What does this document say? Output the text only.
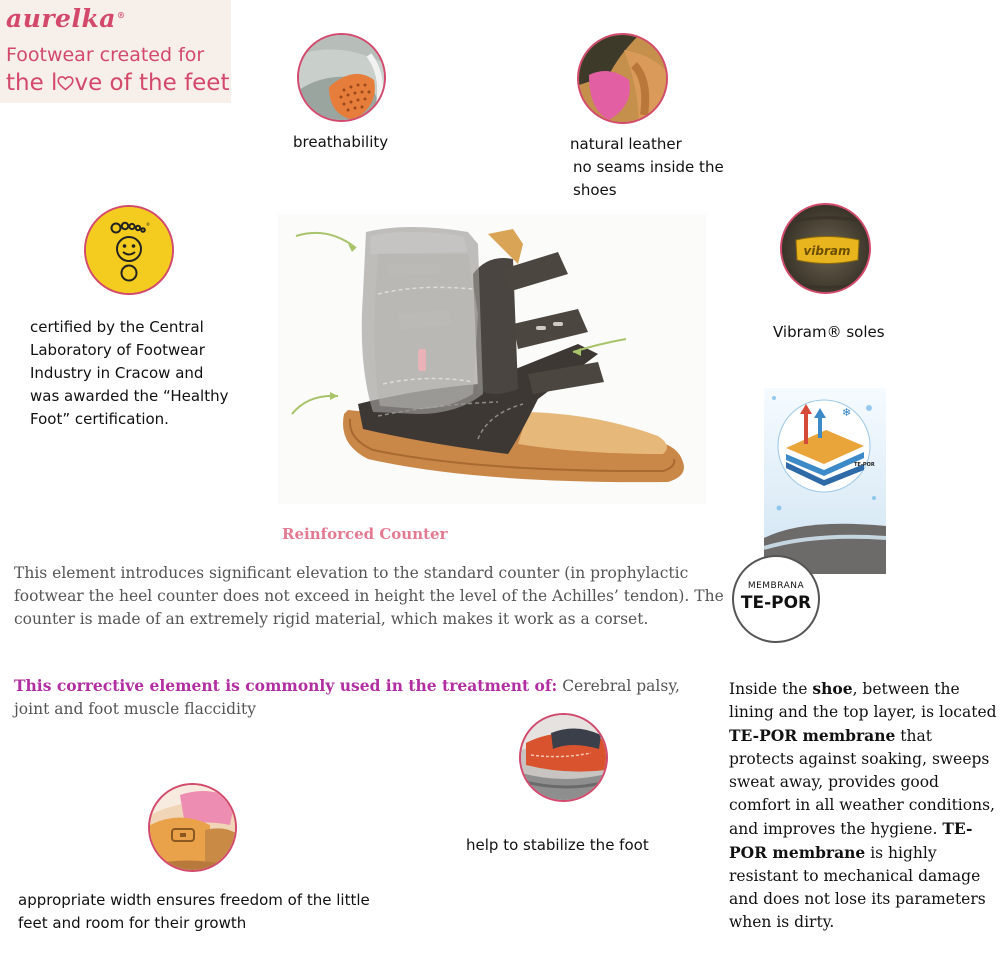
aurelka®
Footwear created for
the l ve of the feet
breathability	natural leather
no seams inside the
shoes
®
certified by the Central
Laboratory of Footwear
Industry in Cracow and
was awarded the “Healthy
Foot” certification.
vibram
Vibram® soles
Reinforced Counter
This element introduces significant elevation to the standard counter (in prophylactic footwear the heel counter does not exceed in height the level of the Achilles’ tendon). The counter is made of an extremely rigid material, which makes it work as a corset.
This corrective element is commonly used in the treatment of: Cerebral palsy, joint and foot muscle flaccidity
❄
TE-POR
MEMBRANA
TE-POR
Inside the shoe, between the lining and the top layer, is located TE-POR membrane that protects against soaking, sweeps sweat away, provides good comfort in all weather conditions, and improves the hygiene. TE-POR membrane is highly resistant to mechanical damage and does not lose its parameters when is dirty.
help to stabilize the foot
appropriate width ensures freedom of the little
feet and room for their growth
